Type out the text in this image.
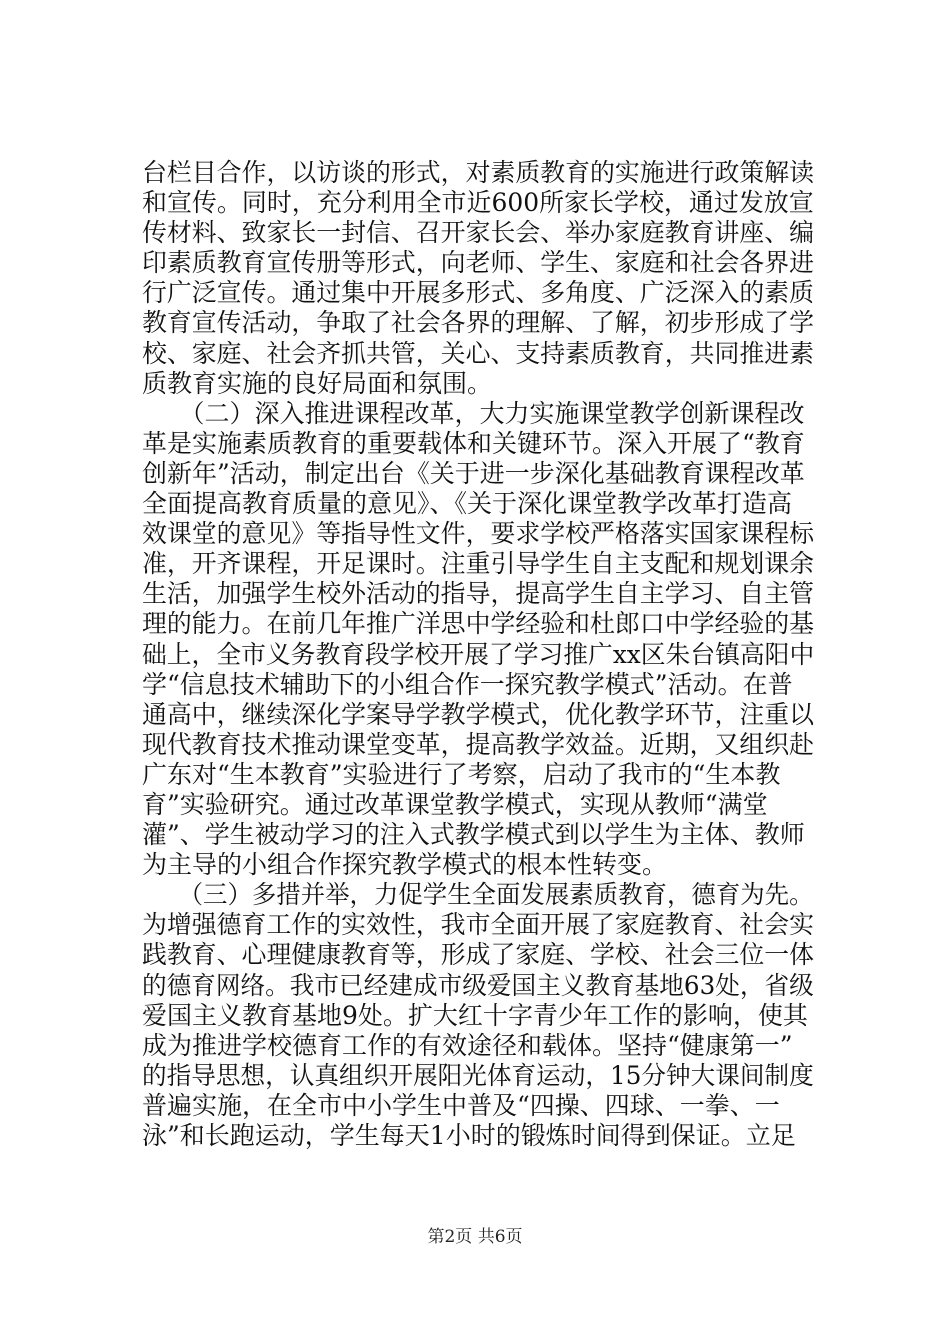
台栏目合作，以访谈的形式，对素质教育的实施进行政策解读
和宣传。同时，充分利用全市近600所家长学校，通过发放宣
传材料、致家长一封信、召开家长会、举办家庭教育讲座、编
印素质教育宣传册等形式，向老师、学生、家庭和社会各界进
行广泛宣传。通过集中开展多形式、多角度、广泛深入的素质
教育宣传活动，争取了社会各界的理解、了解，初步形成了学
校、家庭、社会齐抓共管，关心、支持素质教育，共同推进素
质教育实施的良好局面和氛围。
　　（二）深入推进课程改革，大力实施课堂教学创新课程改
革是实施素质教育的重要载体和关键环节。深入开展了“教育
创新年”活动，制定出台《关于进一步深化基础教育课程改革
全面提高教育质量的意见》、《关于深化课堂教学改革打造高
效课堂的意见》等指导性文件，要求学校严格落实国家课程标
准，开齐课程，开足课时。注重引导学生自主支配和规划课余
生活，加强学生校外活动的指导，提高学生自主学习、自主管
理的能力。在前几年推广洋思中学经验和杜郎口中学经验的基
础上，全市义务教育段学校开展了学习推广xx区朱台镇高阳中
学“信息技术辅助下的小组合作一探究教学模式”活动。在普
通高中，继续深化学案导学教学模式，优化教学环节，注重以
现代教育技术推动课堂变革，提高教学效益。近期，又组织赴
广东对“生本教育”实验进行了考察，启动了我市的“生本教
育”实验研究。通过改革课堂教学模式，实现从教师“满堂
灌”、学生被动学习的注入式教学模式到以学生为主体、教师
为主导的小组合作探究教学模式的根本性转变。
　　（三）多措并举，力促学生全面发展素质教育，德育为先。
为增强德育工作的实效性，我市全面开展了家庭教育、社会实
践教育、心理健康教育等，形成了家庭、学校、社会三位一体
的德育网络。我市已经建成市级爱国主义教育基地63处，省级
爱国主义教育基地9处。扩大红十字青少年工作的影响，使其
成为推进学校德育工作的有效途径和载体。坚持“健康第一”
的指导思想，认真组织开展阳光体育运动，15分钟大课间制度
普遍实施，在全市中小学生中普及“四操、四球、一拳、一
泳”和长跑运动，学生每天1小时的锻炼时间得到保证。立足
第2页 共6页
